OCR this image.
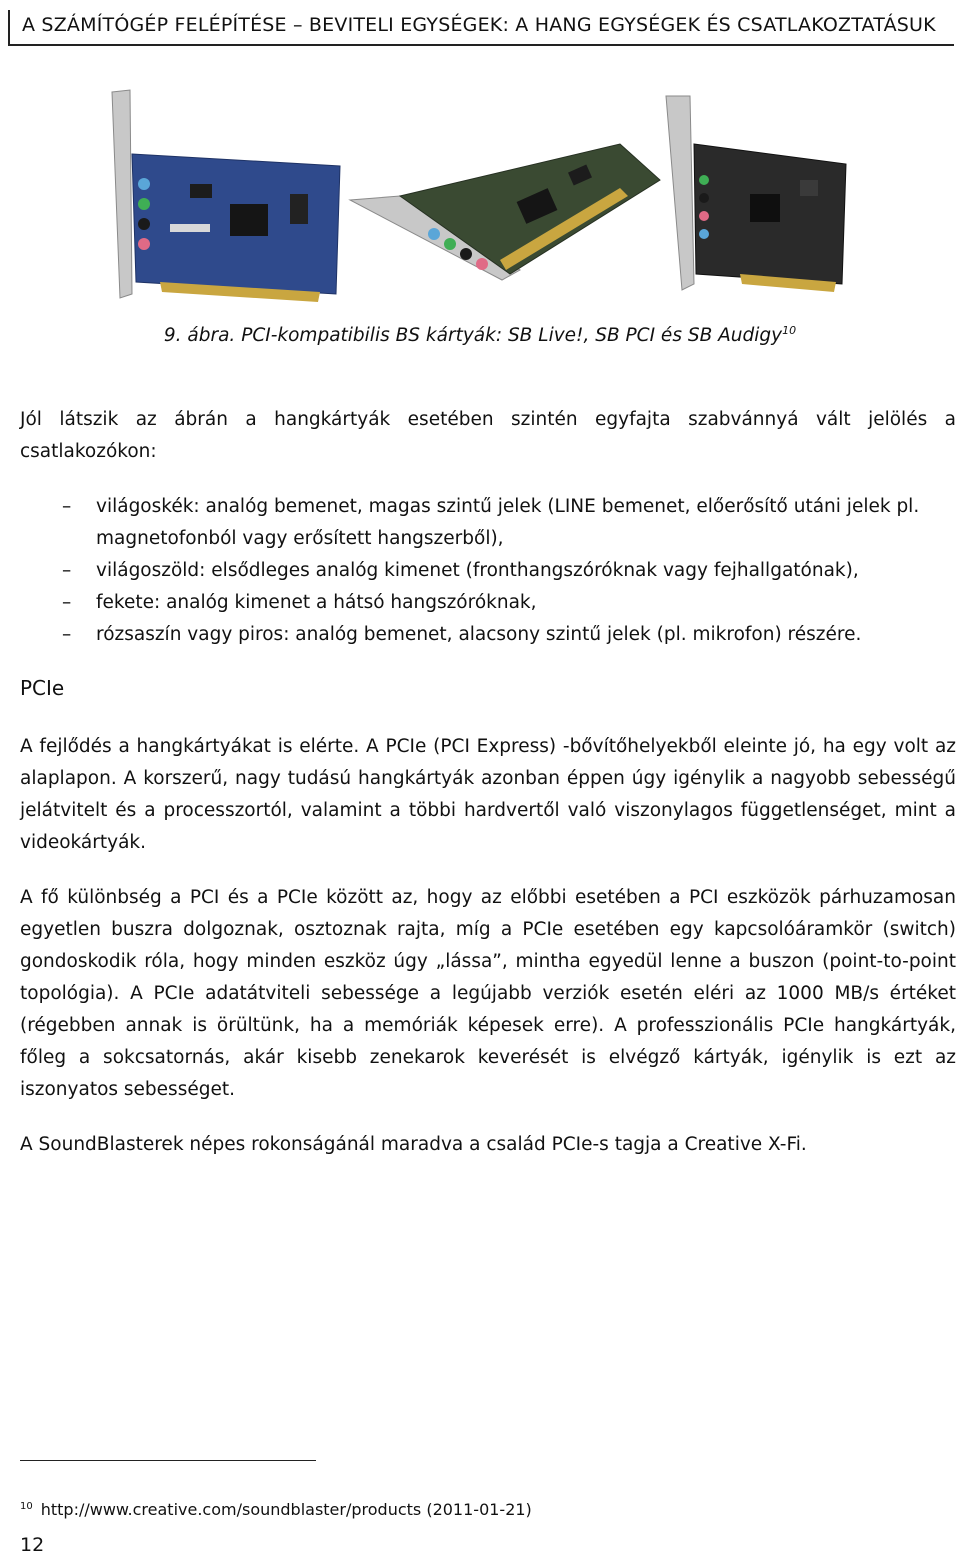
A SZÁMÍTÓGÉP FELÉPÍTÉSE – BEVITELI EGYSÉGEK: A HANG EGYSÉGEK ÉS CSATLAKOZTATÁSUK
9. ábra. PCI-kompatibilis BS kártyák: SB Live!, SB PCI és SB Audigy$^{10}$
Jól látszik az ábrán a hangkártyák esetében szintén egyfajta szabvánnyá vált jelölés a csatlakozókon:
– világoskék: analóg bemenet, magas szintű jelek (LINE bemenet, előerősítő utáni jelek pl. magnetofonból vagy erősített hangszerből),
– világoszöld: elsődleges analóg kimenet (fronthangszóróknak vagy fejhallgatónak),
– fekete: analóg kimenet a hátsó hangszóróknak,
– rózsaszín vagy piros: analóg bemenet, alacsony szintű jelek (pl. mikrofon) részére.
PCIe
A fejlődés a hangkártyákat is elérte. A PCIe (PCI Express) -bővítőhelyekből eleinte jó, ha egy volt az alaplapon. A korszerű, nagy tudású hangkártyák azonban éppen úgy igénylik a nagyobb sebességű jelátvitelt és a processzortól, valamint a többi hardvertől való viszonylagos függetlenséget, mint a videokártyák.
A fő különbség a PCI és a PCIe között az, hogy az előbbi esetében a PCI eszközök párhuzamosan egyetlen buszra dolgoznak, osztoznak rajta, míg a PCIe esetében egy kapcsolóáramkör (switch) gondoskodik róla, hogy minden eszköz úgy „lássa”, mintha egyedül lenne a buszon (point-to-point topológia). A PCIe adatátviteli sebessége a legújabb verziók esetén eléri az 1000 MB/s értéket (régebben annak is örültünk, ha a memóriák képesek erre). A professzionális PCIe hangkártyák, főleg a sokcsatornás, akár kisebb zenekarok keverését is elvégző kártyák, igénylik is ezt az iszonyatos sebességet.
A SoundBlasterek népes rokonságánál maradva a család PCIe-s tagja a Creative X-Fi.
$^{10}$ http://www.creative.com/soundblaster/products (2011-01-21)
12
